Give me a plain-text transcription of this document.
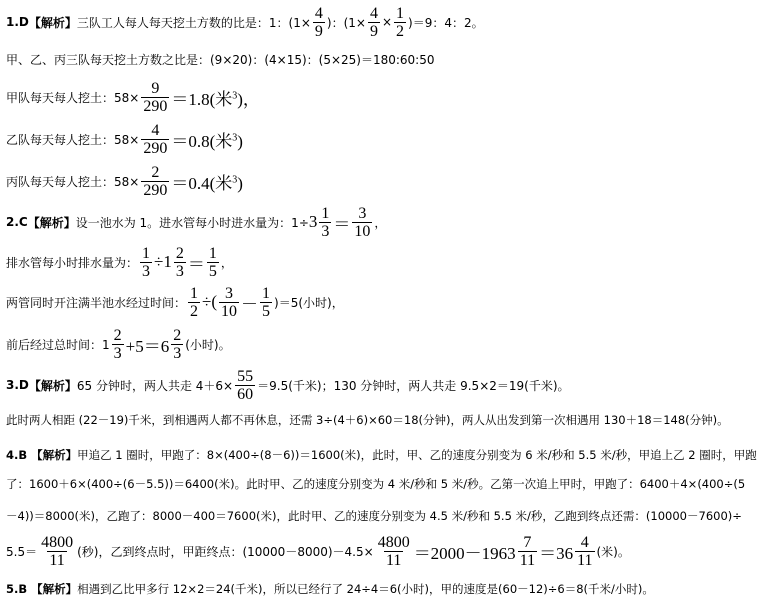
1.D 【解析】 三队工人每人每天挖土方数的比是：1：($1\times \frac{4}{9}$ )：$(1\times \frac{4}{9} \times \frac{1}{2} )=9$：4：2。
甲、乙、丙三队每天挖土方数之比是：(9×20)：(4×15)：(5×25)＝180:60:50
甲队每天每人挖土：$58\times \frac{9}{290} =1.8$(米$^3$)，
乙队每天每人挖土：$58\times \frac{4}{290} =0.8$(米$^3$)
丙队每天每人挖土：$58\times \frac{2}{290} =0.4$(米$^3$)
2.C 【解析】 设一池水为 1。进水管每小时进水量为：$1\div 3 \frac{1}{3} = \frac{3}{10}$ ，
排水管每小时排水量为： $\frac{1}{3} \div 1 \frac{2}{3} = \frac{1}{5}$ ，
两管同时开注满半池水经过时间： $\frac{1}{2}$ ÷( $\frac{3}{10} - \frac{1}{5} )=5$(小时)，
前后经过总时间：$1 \frac{2}{3} +5=6 \frac{2}{3}$ (小时)。
3.D 【解析】 65 分钟时，两人共走 $4+6\times \frac{55}{60} =9.5$(千米)；130 分钟时，两人共走 9.5×2＝19(千米)。
此时两人相距 (22－19)千米，到相遇两人都不再休息，还需 3÷(4＋6)×60＝18(分钟)，两人从出发到第一次相遇用 130＋18＝148(分钟)。
4.B 【解析】 甲追乙 1 圈时，甲跑了：8×(400÷(8－6))＝1600(米)，此时，甲、乙的速度分别变为 6 米/秒和 5.5 米/秒，甲追上乙 2 圈时，甲跑
了：1600＋6×(400÷(6－5.5))＝6400(米)。此时甲、乙的速度分别变为 4 米/秒和 5 米/秒。乙第一次追上甲时，甲跑了：6400＋4×(400÷(5
－4))＝8000(米)，乙跑了：8000－400＝7600(米)，此时甲、乙的速度分别变为 4.5 米/秒和 5.5 米/秒，乙跑到终点还需：(10000－7600)÷
$5.5= \frac{4800}{11}$ (秒)，乙到终点时，甲距终点：$(10000-8000)-4.5\times \frac{4800}{11} =2000-1963 \frac{7}{11} =36 \frac{4}{11}$ (米)。
5.B 【解析】 相遇到乙比甲多行 12×2＝24(千米)，所以已经行了 24÷4＝6(小时)，甲的速度是(60－12)÷6＝8(千米/小时)。
